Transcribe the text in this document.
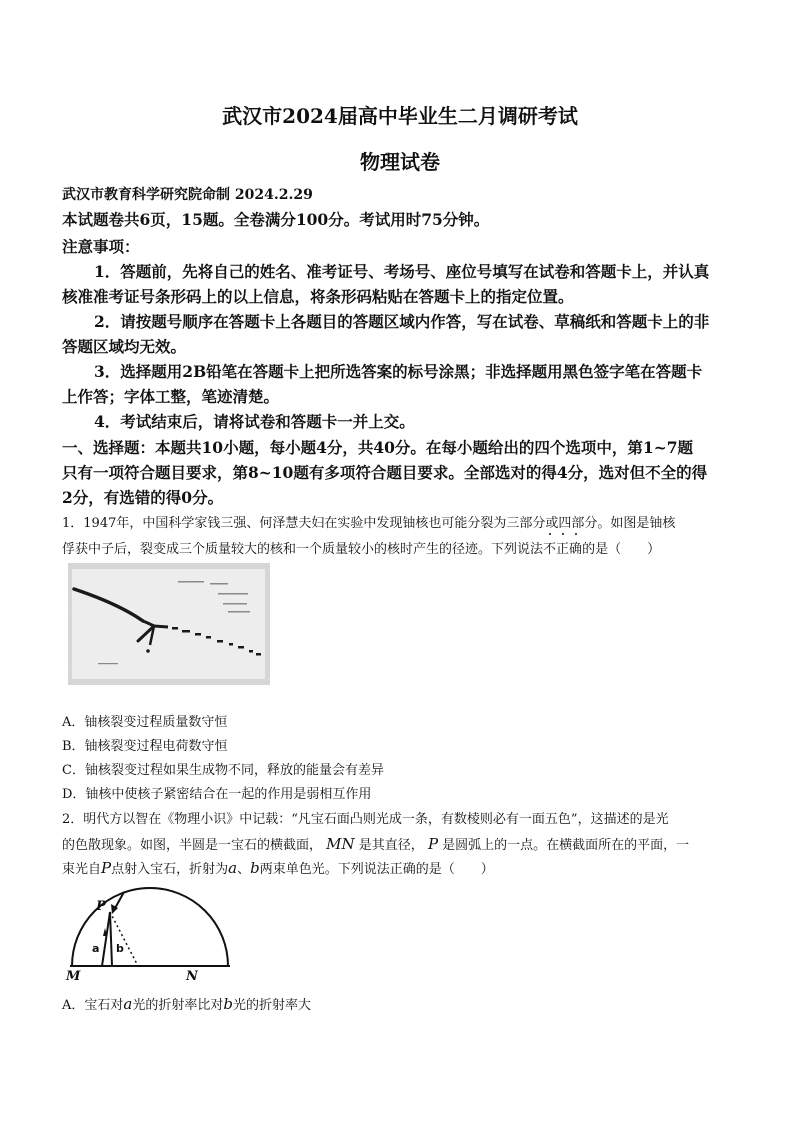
武汉市2024届高中毕业生二月调研考试
物理试卷
武汉市教育科学研究院命制 2024.2.29
本试题卷共6页，15题。全卷满分100分。考试用时75分钟。
注意事项：
1．答题前，先将自己的姓名、准考证号、考场号、座位号填写在试卷和答题卡上，并认真
核准准考证号条形码上的以上信息，将条形码粘贴在答题卡上的指定位置。
2．请按题号顺序在答题卡上各题目的答题区域内作答，写在试卷、草稿纸和答题卡上的非
答题区域均无效。
3．选择题用2B铅笔在答题卡上把所选答案的标号涂黑；非选择题用黑色签字笔在答题卡
上作答；字体工整，笔迹清楚。
4．考试结束后，请将试卷和答题卡一并上交。
一、选择题：本题共10小题，每小题4分，共40分。在每小题给出的四个选项中，第1~7题
只有一项符合题目要求，第8~10题有多项符合题目要求。全部选对的得4分，选对但不全的得
2分，有选错的得0分。
1．1947年，中国科学家钱三强、何泽慧夫妇在实验中发现铀核也可能分裂为三部分或四部分。如图是铀核
俘获中子后，裂变成三个质量较大的核和一个质量较小的核时产生的径迹。下列说法不正确的是（　　）
A．铀核裂变过程质量数守恒
B．铀核裂变过程电荷数守恒
C．铀核裂变过程如果生成物不同，释放的能量会有差异
D．铀核中使核子紧密结合在一起的作用是弱相互作用
2．明代方以智在《物理小识》中记载：“凡宝石面凸则光成一条，有数棱则必有一面五色”，这描述的是光
的色散现象。如图，半圆是一宝石的横截面， MN 是其直径， P 是圆弧上的一点。在横截面所在的平面，一
束光自P点射入宝石，折射为a、b两束单色光。下列说法正确的是（　　）
P
a b
M	N
A．宝石对a光的折射率比对b光的折射率大
